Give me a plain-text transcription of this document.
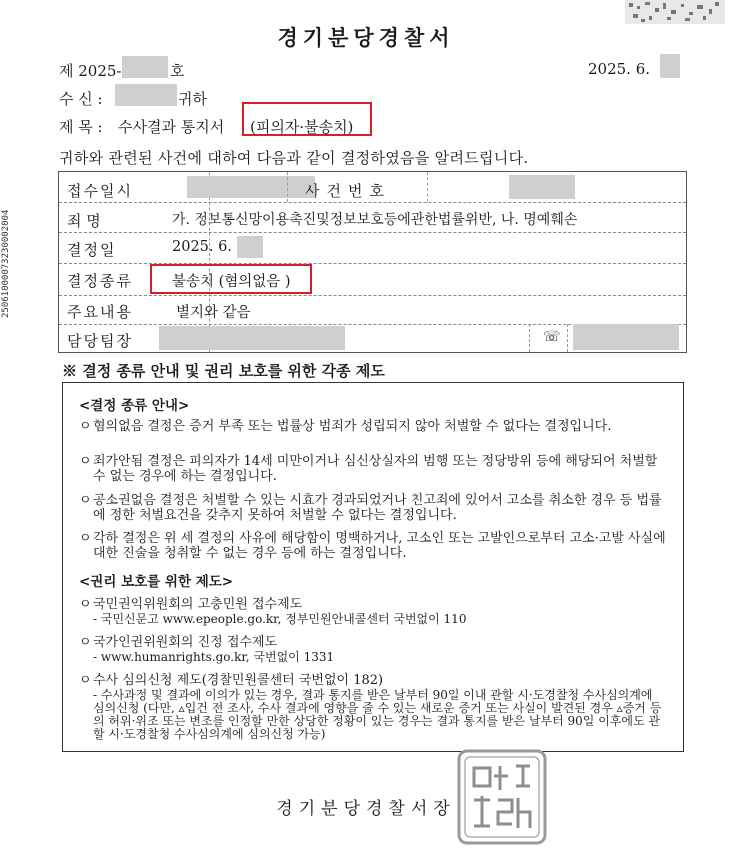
25061000073230002004
경기분당경찰서
제 2025-	호	2025. 6.
수 신 :	귀하
제 목 : 수사결과 통지서 (피의자·불송치)
귀하와 관련된 사건에 대하여 다음과 같이 결정하였음을 알려드립니다.
접수일시	사건번호
죄 명	가. 정보통신망이용촉진및정보보호등에관한법률위반, 나. 명예훼손
결정일	2025. 6.
결정종류	불송치 (혐의없음 )
주요내용	별지와 같음
담당팀장	☏
※ 결정 종류 안내 및 권리 보호를 위한 각종 제도
<결정 종류 안내>
ㅇ 혐의없음 결정은 증거 부족 또는 법률상 범죄가 성립되지 않아 처벌할 수 없다는 결정입니다.
ㅇ 죄가안됨 결정은 피의자가 14세 미만이거나 심신상실자의 범행 또는 정당방위 등에 해당되어 처벌할 수 없는 경우에 하는 결정입니다.
ㅇ 공소권없음 결정은 처벌할 수 있는 시효가 경과되었거나 친고죄에 있어서 고소를 취소한 경우 등 법률에 정한 처벌요건을 갖추지 못하여 처벌할 수 없다는 결정입니다.
ㅇ 각하 결정은 위 세 결정의 사유에 해당함이 명백하거나, 고소인 또는 고발인으로부터 고소·고발 사실에 대한 진술을 청취할 수 없는 경우 등에 하는 결정입니다.
<권리 보호를 위한 제도>
ㅇ 국민권익위원회의 고충민원 접수제도
- 국민신문고 www.epeople.go.kr, 정부민원안내콜센터 국번없이 110
ㅇ 국가인권위원회의 진정 접수제도
- www.humanrights.go.kr, 국번없이 1331
ㅇ 수사 심의신청 제도(경찰민원콜센터 국번없이 182)
- 수사과정 및 결과에 이의가 있는 경우, 결과 통지를 받은 날부터 90일 이내 관할 시·도경찰청 수사심의계에 심의신청 (다만, ▵입건 전 조사, 수사 결과에 영향을 줄 수 있는 새로운 증거 또는 사실이 발견된 경우 ▵증거 등의 허위·위조 또는 변조를 인정할 만한 상당한 정황이 있는 경우는 결과 통지를 받은 날부터 90일 이후에도 관할 시·도경찰청 수사심의계에 심의신청 가능)
경기분당경찰서장
